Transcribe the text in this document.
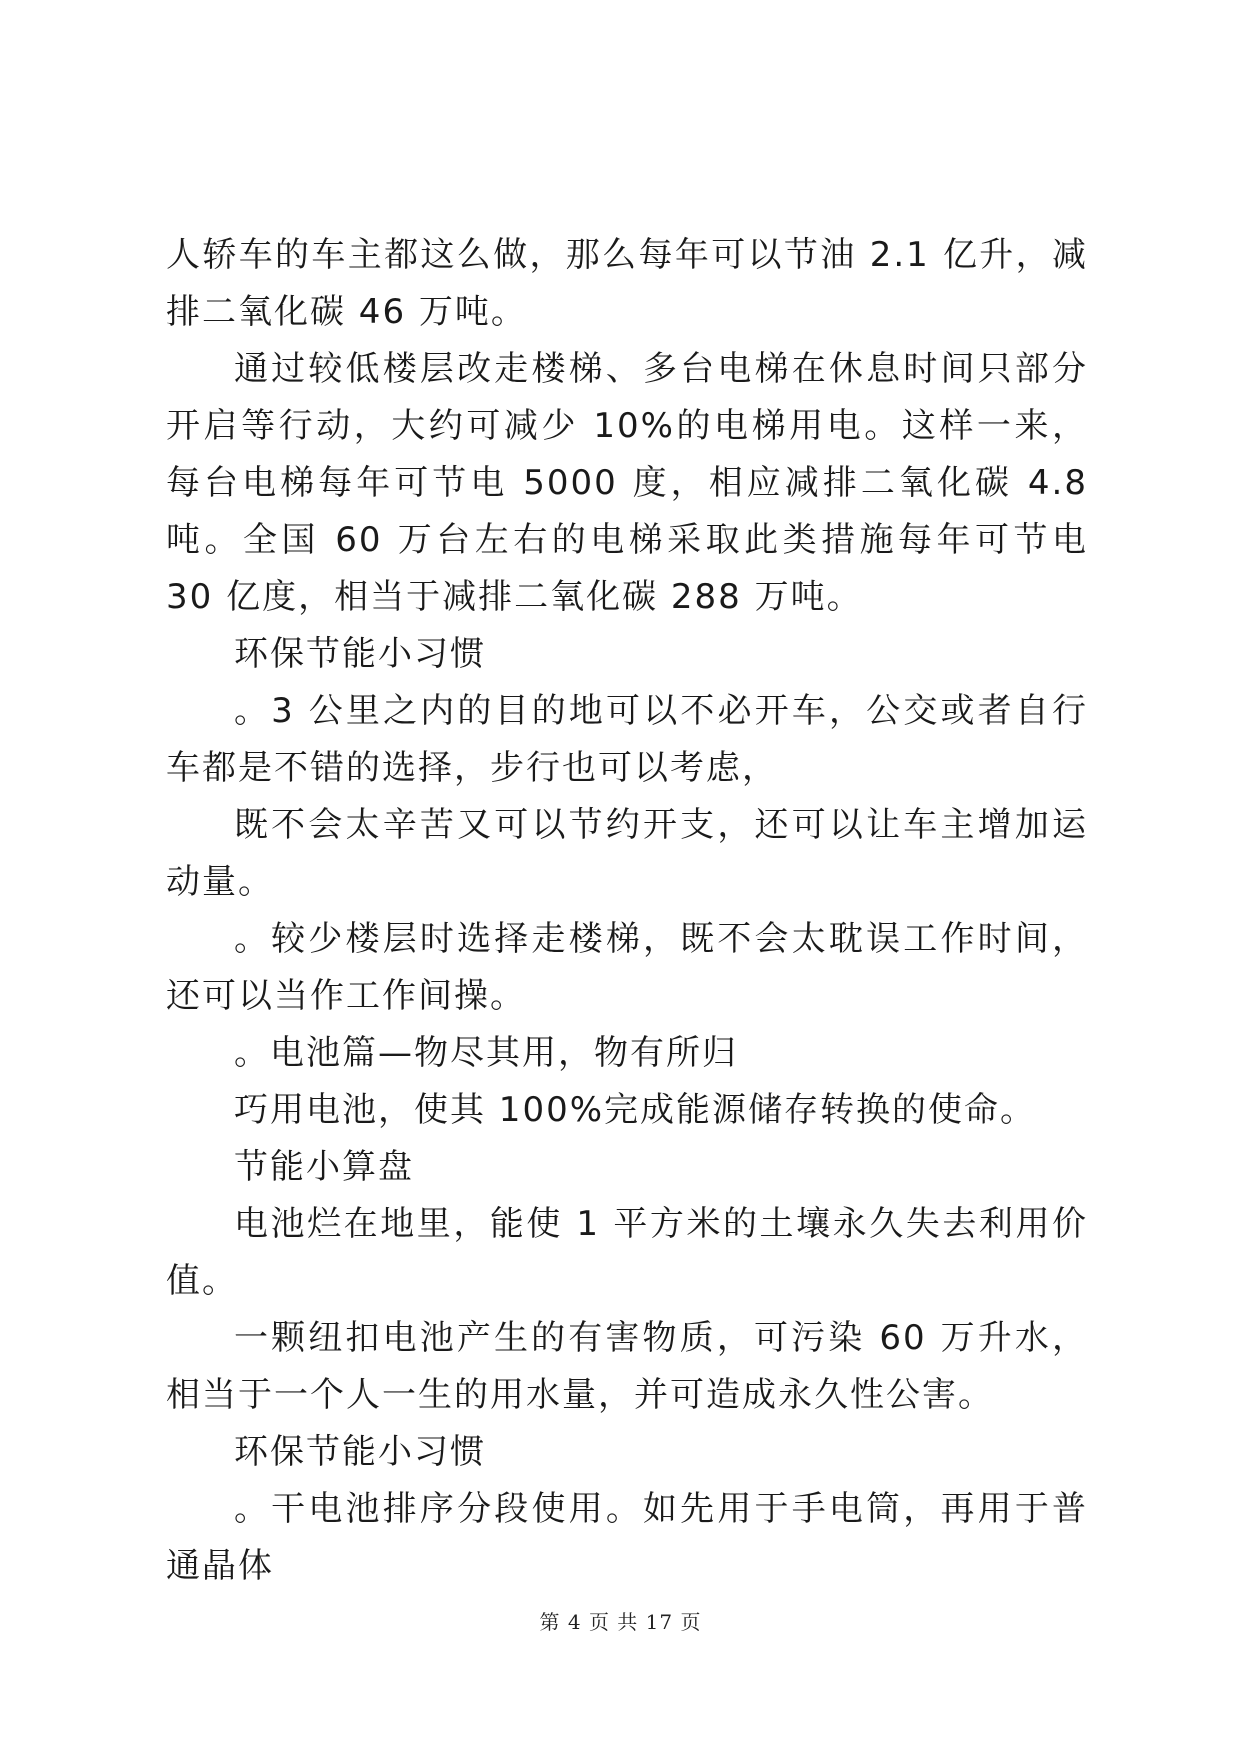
人轿车的车主都这么做，那么每年可以节油 2.1 亿升，减排二氧化碳 46 万吨。

通过较低楼层改走楼梯、多台电梯在休息时间只部分开启等行动，大约可减少 10%的电梯用电。这样一来，每台电梯每年可节电 5000 度，相应减排二氧化碳 4.8 吨。全国 60 万台左右的电梯采取此类措施每年可节电 30 亿度，相当于减排二氧化碳 288 万吨。

环保节能小习惯

。3 公里之内的目的地可以不必开车，公交或者自行车都是不错的选择，步行也可以考虑，

既不会太辛苦又可以节约开支，还可以让车主增加运动量。

。较少楼层时选择走楼梯，既不会太耽误工作时间，还可以当作工作间操。

。电池篇—物尽其用，物有所归

巧用电池，使其 100%完成能源储存转换的使命。

节能小算盘

电池烂在地里，能使 1 平方米的土壤永久失去利用价值。

一颗纽扣电池产生的有害物质，可污染 60 万升水，相当于一个人一生的用水量，并可造成永久性公害。

环保节能小习惯

。干电池排序分段使用。如先用于手电筒，再用于普通晶体

第 4 页 共 17 页
